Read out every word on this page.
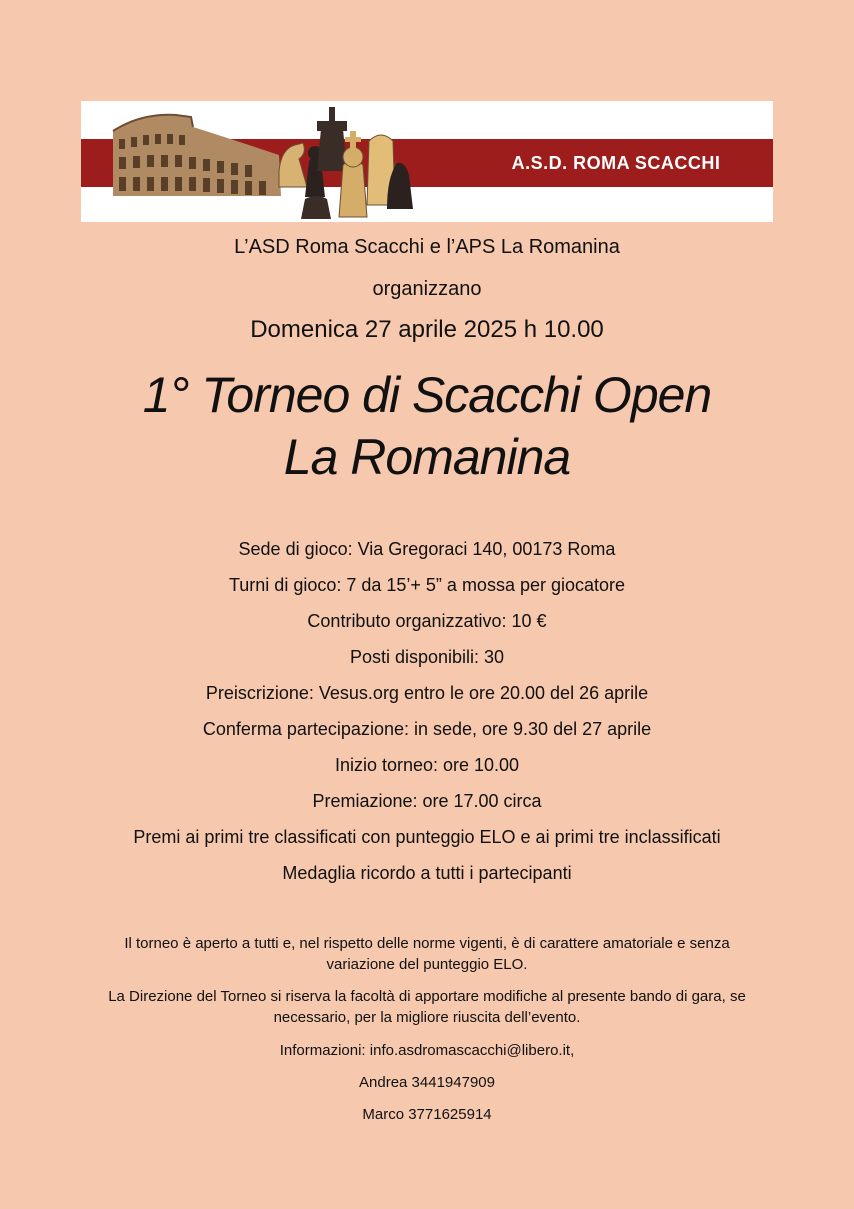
A.S.D. ROMA SCACCHI
L’ASD Roma Scacchi e l’APS La Romanina
organizzano
Domenica 27 aprile 2025 h 10.00
1° Torneo di Scacchi Open
La Romanina
Sede di gioco: Via Gregoraci 140, 00173 Roma
Turni di gioco: 7 da 15’+ 5” a mossa per giocatore
Contributo organizzativo: 10 €
Posti disponibili: 30
Preiscrizione: Vesus.org entro le ore 20.00 del 26 aprile
Conferma partecipazione: in sede, ore 9.30 del 27 aprile
Inizio torneo: ore 10.00
Premiazione: ore 17.00 circa
Premi ai primi tre classificati con punteggio ELO e ai primi tre inclassificati
Medaglia ricordo a tutti i partecipanti
Il torneo è aperto a tutti e, nel rispetto delle norme vigenti, è di carattere amatoriale e senza
variazione del punteggio ELO.
La Direzione del Torneo si riserva la facoltà di apportare modifiche al presente bando di gara, se
necessario, per la migliore riuscita dell’evento.
Informazioni: info.asdromascacchi@libero.it,
Andrea 3441947909
Marco 3771625914
